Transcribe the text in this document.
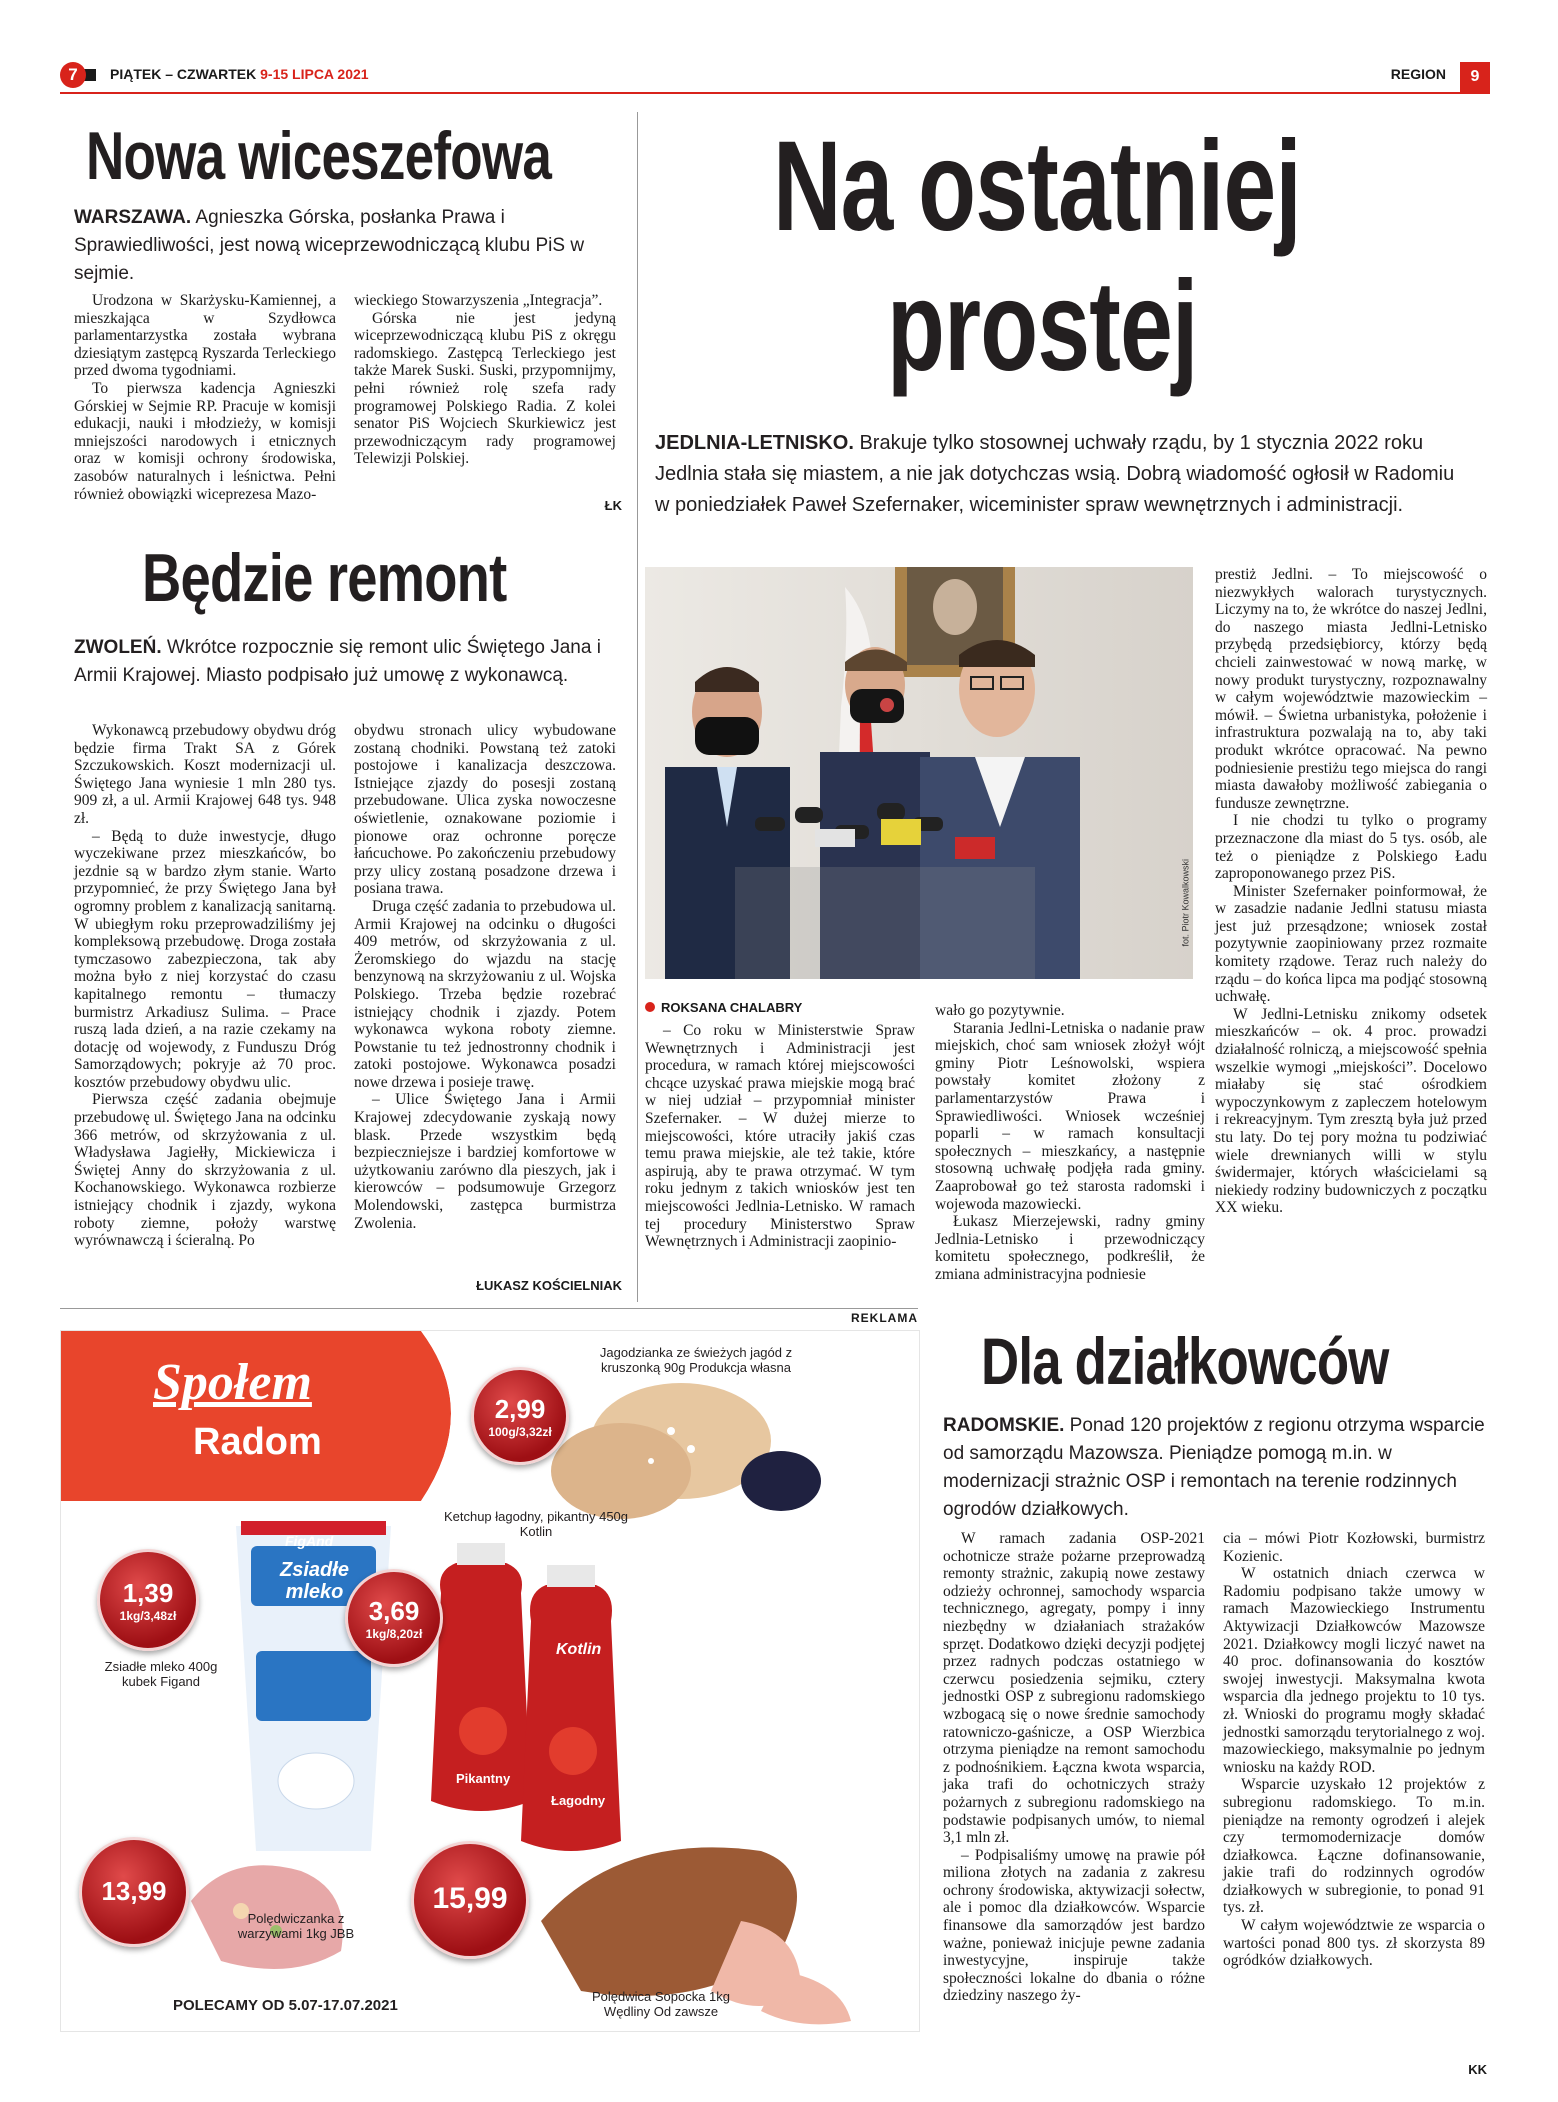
7	PIĄTEK – CZWARTEK 9-15 LIPCA 2021	REGION	9
Nowa wiceszefowa
WARSZAWA. Agnieszka Górska, posłanka Prawa i Sprawiedliwości, jest nową wiceprzewodniczącą klubu PiS w sejmie.

Urodzona w Skarżysku-Kamiennej, a mieszkająca w Szydłowca parlamentarzystka została wybrana dziesiątym zastępcą Ryszarda Terleckiego przed dwoma tygodniami.

To pierwsza kadencja Agnieszki Górskiej w Sejmie RP. Pracuje w komisji edukacji, nauki i młodzieży, w komisji mniejszości narodowych i etnicznych oraz w komisji ochrony środowiska, zasobów naturalnych i leśnictwa. Pełni również obowiązki wiceprezesa Mazo-

wieckiego Stowarzyszenia „Integracja”.

Górska nie jest jedyną wiceprzewodniczącą klubu PiS z okręgu radomskiego. Zastępcą Terleckiego jest także Marek Suski. Suski, przypomnijmy, pełni również rolę szefa rady programowej Polskiego Radia. Z kolei senator PiS Wojciech Skurkiewicz jest przewodniczącym rady programowej Telewizji Polskiej.

ŁK
Będzie remont
ZWOLEŃ. Wkrótce rozpocznie się remont ulic Świętego Jana i Armii Krajowej. Miasto podpisało już umowę z wykonawcą.

Wykonawcą przebudowy obydwu dróg będzie firma Trakt SA z Górek Szczukowskich. Koszt modernizacji ul. Świętego Jana wyniesie 1 mln 280 tys. 909 zł, a ul. Armii Krajowej 648 tys. 948 zł.

– Będą to duże inwestycje, długo wyczekiwane przez mieszkańców, bo jezdnie są w bardzo złym stanie. Warto przypomnieć, że przy Świętego Jana był ogromny problem z kanalizacją sanitarną. W ubiegłym roku przeprowadziliśmy jej kompleksową przebudowę. Droga została tymczasowo zabezpieczona, tak aby można było z niej korzystać do czasu kapitalnego remontu – tłumaczy burmistrz Arkadiusz Sulima. – Prace ruszą lada dzień, a na razie czekamy na dotację od wojewody, z Funduszu Dróg Samorządowych; pokryje aż 70 proc. kosztów przebudowy obydwu ulic.

Pierwsza część zadania obejmuje przebudowę ul. Świętego Jana na odcinku 366 metrów, od skrzyżowania z ul. Władysława Jagiełły, Mickiewicza i Świętej Anny do skrzyżowania z ul. Kochanowskiego. Wykonawca rozbierze istniejący chodnik i zjazdy, wykona roboty ziemne, położy warstwę wyrównawczą i ścieralną. Po

obydwu stronach ulicy wybudowane zostaną chodniki. Powstaną też zatoki postojowe i kanalizacja deszczowa. Istniejące zjazdy do posesji zostaną przebudowane. Ulica zyska nowoczesne oświetlenie, oznakowane poziomie i pionowe oraz ochronne poręcze łańcuchowe. Po zakończeniu przebudowy przy ulicy zostaną posadzone drzewa i posiana trawa.

Druga część zadania to przebudowa ul. Armii Krajowej na odcinku o długości 409 metrów, od skrzyżowania z ul. Żeromskiego do wjazdu na stację benzynową na skrzyżowaniu z ul. Wojska Polskiego. Trzeba będzie rozebrać istniejący chodnik i zjazdy. Potem wykonawca wykona roboty ziemne. Powstanie tu też jednostronny chodnik i zatoki postojowe. Wykonawca posadzi nowe drzewa i posieje trawę.

– Ulice Świętego Jana i Armii Krajowej zdecydowanie zyskają nowy blask. Przede wszystkim będą bezpieczniejsze i bardziej komfortowe w użytkowaniu zarówno dla pieszych, jak i kierowców – podsumowuje Grzegorz Molendowski, zastępca burmistrza Zwolenia.

ŁUKASZ KOŚCIELNIAK
Na ostatniej
prostej
JEDLNIA-LETNISKO. Brakuje tylko stosownej uchwały rządu, by 1 stycznia 2022 roku Jedlnia stała się miastem, a nie jak dotychczas wsią. Dobrą wiadomość ogłosił w Radomiu w poniedziałek Paweł Szefernaker, wiceminister spraw wewnętrznych i administracji.
fot. Piotr Kowalkowski
ROKSANA CHALABRY

– Co roku w Ministerstwie Spraw Wewnętrznych i Administracji jest procedura, w ramach której miejscowości chcące uzyskać prawa miejskie mogą brać w niej udział – przypomniał minister Szefernaker. – W dużej mierze to miejscowości, które utraciły jakiś czas temu prawa miejskie, ale też takie, które aspirują, aby te prawa otrzymać. W tym roku jednym z takich wniosków jest ten miejscowości Jedlnia-Letnisko. W ramach tej procedury Ministerstwo Spraw Wewnętrznych i Administracji zaopinio-

wało go pozytywnie.

Starania Jedlni-Letniska o nadanie praw miejskich, choć sam wniosek złożył wójt gminy Piotr Leśnowolski, wspiera powstały komitet złożony z parlamentarzystów Prawa i Sprawiedliwości. Wniosek wcześniej poparli – w ramach konsultacji społecznych – mieszkańcy, a następnie stosowną uchwałę podjęła rada gminy. Zaaprobował go też starosta radomski i wojewoda mazowiecki.

Łukasz Mierzejewski, radny gminy Jedlnia-Letnisko i przewodniczący komitetu społecznego, podkreślił, że zmiana administracyjna podniesie

prestiż Jedlni. – To miejscowość o niezwykłych walorach turystycznych. Liczymy na to, że wkrótce do naszej Jedlni, do naszego miasta Jedlni-Letnisko przybędą przedsiębiorcy, którzy będą chcieli zainwestować w nową markę, w nowy produkt turystyczny, rozpoznawalny w całym województwie mazowieckim – mówił. – Świetna urbanistyka, położenie i infrastruktura pozwalają na to, aby taki produkt wkrótce opracować. Na pewno podniesienie prestiżu tego miejsca do rangi miasta dawałoby możliwość zabiegania o fundusze zewnętrzne.

I nie chodzi tu tylko o programy przeznaczone dla miast do 5 tys. osób, ale też o pieniądze z Polskiego Ładu zaproponowanego przez PiS.

Minister Szefernaker poinformował, że w zasadzie nadanie Jedlni statusu miasta jest już przesądzone; wniosek został pozytywnie zaopiniowany przez rozmaite komitety rządowe. Teraz ruch należy do rządu – do końca lipca ma podjąć stosowną uchwałę.

W Jedlni-Letnisku znikomy odsetek mieszkańców – ok. 4 proc. prowadzi działalność rolniczą, a miejscowość spełnia wszelkie wymogi „miejskości”. Docelowo miałaby się stać ośrodkiem wypoczynkowym z zapleczem hotelowym i rekreacyjnym. Tym zresztą była już przed stu laty. Do tej pory można tu podziwiać wiele drewnianych willi w stylu świdermajer, których właścicielami są niekiedy rodziny budowniczych z początku XX wieku.

REKLAMA
Społem
Radom
FigAnd
Zsiadłe mleko
Kotlin
Pikantny
Łagodny
2,99
100g/3,32zł
1,39
1kg/3,48zł	3,69
1kg/8,20zł
13,99	15,99
Jagodzianka ze świeżych jagód z kruszonką 90g Produkcja własna
Zsiadłe mleko 400g kubek Figand
Ketchup łagodny, pikantny 450g Kotlin
Polędwiczanka z warzywami 1kg JBB
Polędwica Sopocka 1kg Wędliny Od zawsze
POLECAMY OD 5.07-17.07.2021
Dla działkowców
RADOMSKIE. Ponad 120 projektów z regionu otrzyma wsparcie od samorządu Mazowsza. Pieniądze pomogą m.in. w modernizacji strażnic OSP i remontach na terenie rodzinnych ogrodów działkowych.

W ramach zadania OSP-2021 ochotnicze straże pożarne przeprowadzą remonty strażnic, zakupią nowe zestawy odzieży ochronnej, samochody wsparcia technicznego, agregaty, pompy i inny niezbędny w działaniach strażaków sprzęt. Dodatkowo dzięki decyzji podjętej przez radnych podczas ostatniego w czerwcu posiedzenia sejmiku, cztery jednostki OSP z subregionu radomskiego wzbogacą się o nowe średnie samochody ratowniczo-gaśnicze, a OSP Wierzbica otrzyma pieniądze na remont samochodu z podnośnikiem. Łączna kwota wsparcia, jaka trafi do ochotniczych straży pożarnych z subregionu radomskiego na podstawie podpisanych umów, to niemal 3,1 mln zł.

– Podpisaliśmy umowę na prawie pół miliona złotych na zadania z zakresu ochrony środowiska, aktywizacji sołectw, ale i pomoc dla działkowców. Wsparcie finansowe dla samorządów jest bardzo ważne, ponieważ inicjuje pewne zadania inwestycyjne, inspiruje także społeczności lokalne do dbania o różne dziedziny naszego ży-

cia – mówi Piotr Kozłowski, burmistrz Kozienic.

W ostatnich dniach czerwca w Radomiu podpisano także umowy w ramach Mazowieckiego Instrumentu Aktywizacji Działkowców Mazowsze 2021. Działkowcy mogli liczyć nawet na 40 proc. dofinansowania do kosztów swojej inwestycji. Maksymalna kwota wsparcia dla jednego projektu to 10 tys. zł. Wnioski do programu mogły składać jednostki samorządu terytorialnego z woj. mazowieckiego, maksymalnie po jednym wniosku na każdy ROD.

Wsparcie uzyskało 12 projektów z subregionu radomskiego. To m.in. pieniądze na remonty ogrodzeń i alejek czy termomodernizacje domów działkowca. Łączne dofinansowanie, jakie trafi do rodzinnych ogrodów działkowych w subregionie, to ponad 91 tys. zł.

W całym województwie ze wsparcia o wartości ponad 800 tys. zł skorzysta 89 ogródków działkowych.

KK
